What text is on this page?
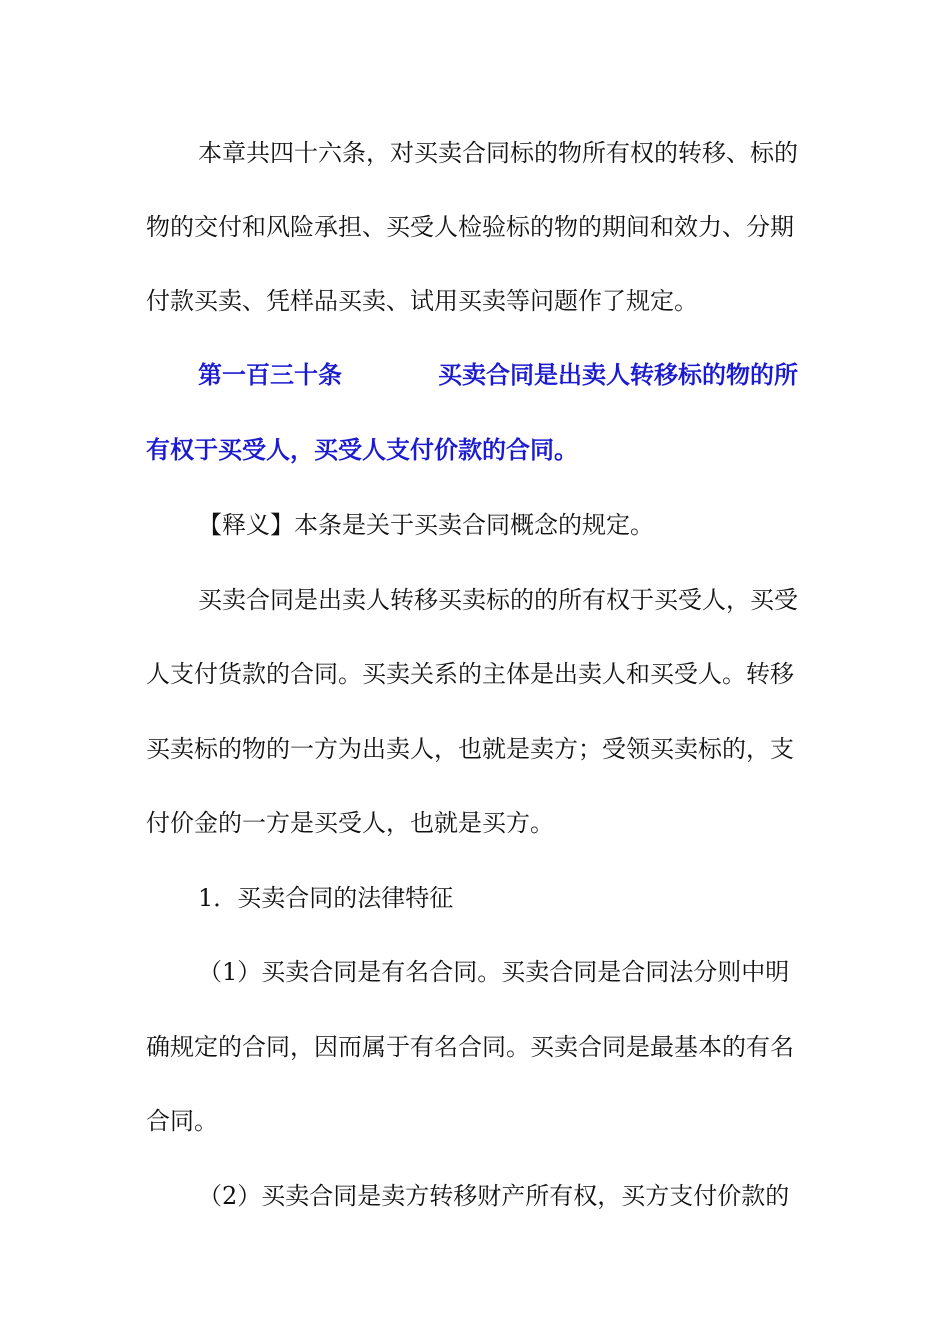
本章共四十六条，对买卖合同标的物所有权的转移、标的
物的交付和风险承担、买受人检验标的物的期间和效力、分期
付款买卖、凭样品买卖、试用买卖等问题作了规定。
第一百三十条	买卖合同是出卖人转移标的物的所
有权于买受人，买受人支付价款的合同。
【释义】本条是关于买卖合同概念的规定。
买卖合同是出卖人转移买卖标的的所有权于买受人，买受
人支付货款的合同。买卖关系的主体是出卖人和买受人。转移
买卖标的物的一方为出卖人，也就是卖方；受领买卖标的，支
付价金的一方是买受人，也就是买方。
1．买卖合同的法律特征
（1）买卖合同是有名合同。买卖合同是合同法分则中明
确规定的合同，因而属于有名合同。买卖合同是最基本的有名
合同。
（2）买卖合同是卖方转移财产所有权，买方支付价款的
